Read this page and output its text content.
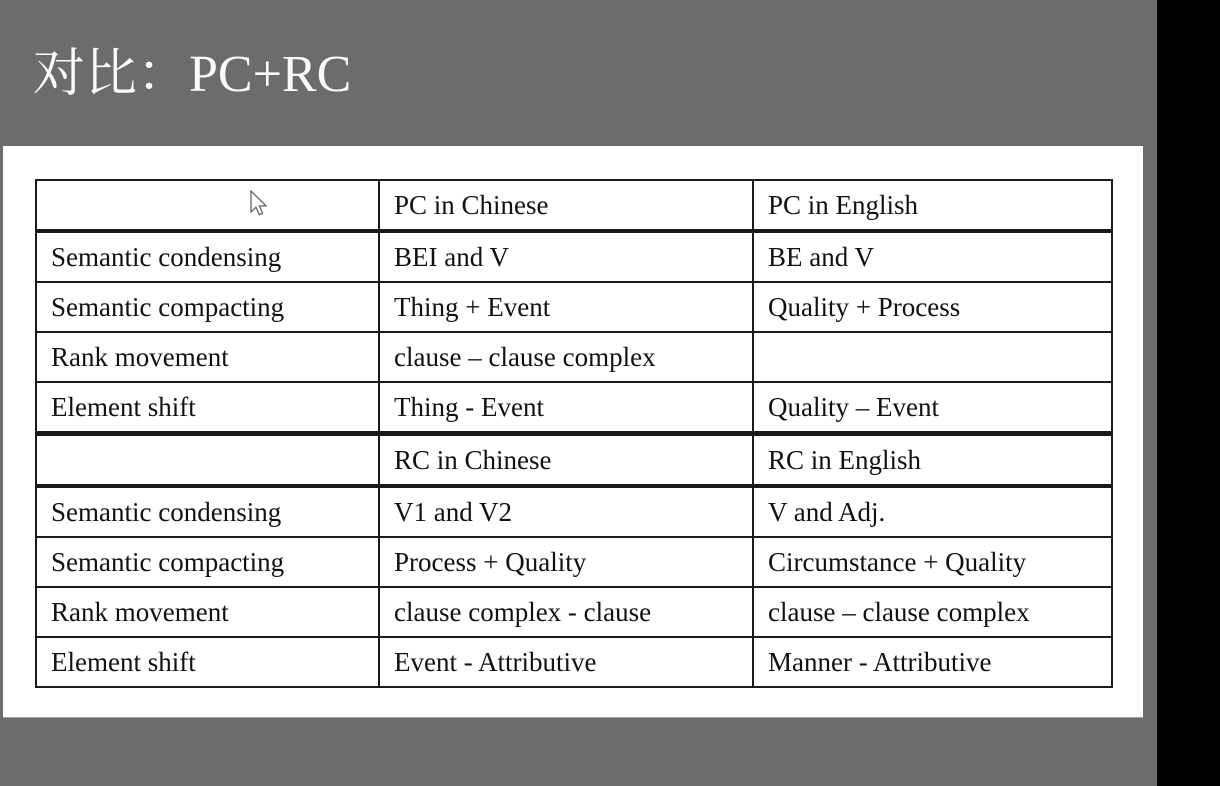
对比：PC+RC
	PC in Chinese	PC in English
Semantic condensing	BEI and V	BE and V
Semantic compacting	Thing + Event	Quality + Process
Rank movement	clause – clause complex	
Element shift	Thing - Event	Quality – Event
	RC in Chinese	RC in English
Semantic condensing	V1 and V2	V and Adj.
Semantic compacting	Process + Quality	Circumstance + Quality
Rank movement	clause complex - clause	clause – clause complex
Element shift	Event - Attributive	Manner - Attributive
